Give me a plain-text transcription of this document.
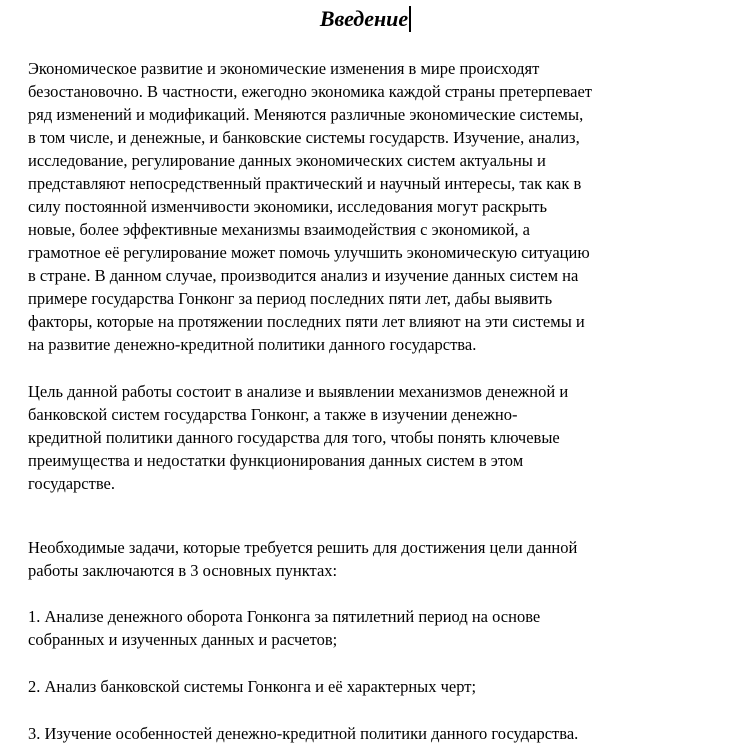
Введение
Экономическое развитие и экономические изменения в мире происходят
безостановочно. В частности, ежегодно экономика каждой страны претерпевает
ряд изменений и модификаций. Меняются различные экономические системы,
в том числе, и денежные, и банковские системы государств. Изучение, анализ,
исследование, регулирование данных экономических систем актуальны и
представляют непосредственный практический и научный интересы, так как в
силу постоянной изменчивости экономики, исследования могут раскрыть
новые, более эффективные механизмы взаимодействия с экономикой, а
грамотное её регулирование может помочь улучшить экономическую ситуацию
в стране. В данном случае, производится анализ и изучение данных систем на
примере государства Гонконг за период последних пяти лет, дабы выявить
факторы, которые на протяжении последних пяти лет влияют на эти системы и
на развитие денежно-кредитной политики данного государства.
Цель данной работы состоит в анализе и выявлении механизмов денежной и
банковской систем государства Гонконг, а также в изучении денежно-
кредитной политики данного государства для того, чтобы понять ключевые
преимущества и недостатки функционирования данных систем в этом
государстве.
Необходимые задачи, которые требуется решить для достижения цели данной
работы заключаются в 3 основных пунктах:
1. Анализе денежного оборота Гонконга за пятилетний период на основе
собранных и изученных данных и расчетов;
2. Анализ банковской системы Гонконга и её характерных черт;
3. Изучение особенностей денежно-кредитной политики данного государства.
